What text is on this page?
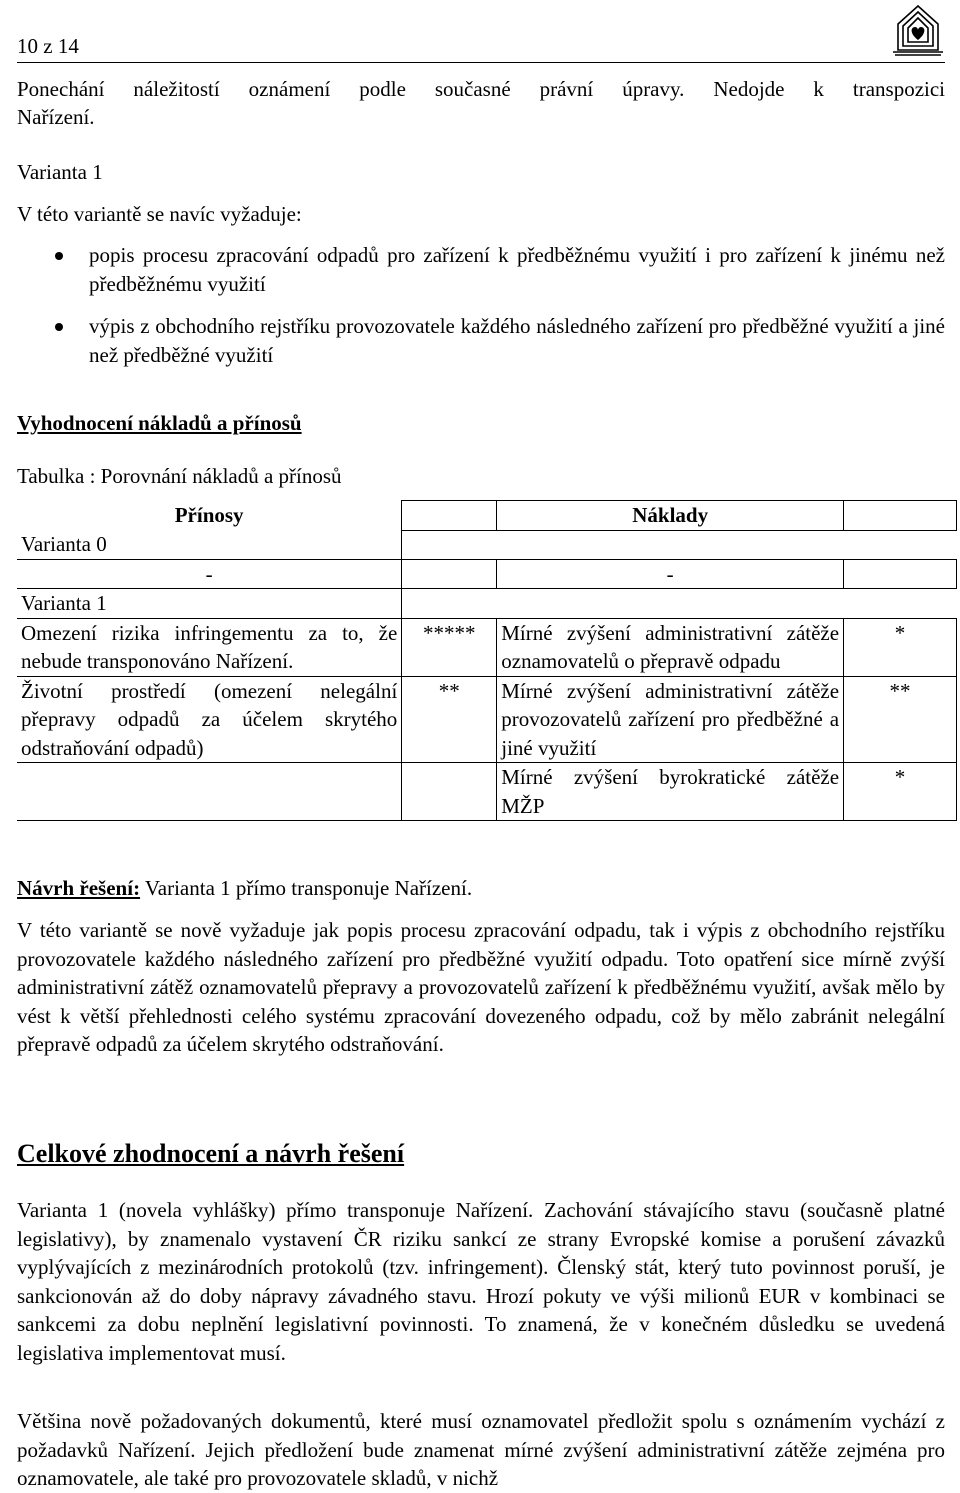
10 z 14
Ponechání náležitostí oznámení podle současné právní úpravy. Nedojde k transpozici
Nařízení.
Varianta 1
V této variantě se navíc vyžaduje:
popis procesu zpracování odpadů pro zařízení k předběžnému využití i pro zařízení k jinému než předběžnému využití
výpis z obchodního rejstříku provozovatele každého následného zařízení pro předběžné využití a jiné než předběžné využití
Vyhodnocení nákladů a přínosů
Tabulka : Porovnání nákladů a přínosů
Přínosy		Náklady	
Varianta 0			
-		-	
Varianta 1			
Omezení rizika infringementu za to, že nebude transponováno Nařízení.	*****	Mírné zvýšení administrativní zátěže oznamovatelů o přepravě odpadu	*
Životní prostředí (omezení nelegální přepravy odpadů za účelem skrytého odstraňování odpadů)	**	Mírné zvýšení administrativní zátěže provozovatelů zařízení pro předběžné a jiné využití	**
		Mírné zvýšení byrokratické zátěže MŽP	*
Návrh řešení: Varianta 1 přímo transponuje Nařízení.
V této variantě se nově vyžaduje jak popis procesu zpracování odpadu, tak i výpis z obchodního rejstříku provozovatele každého následného zařízení pro předběžné využití odpadu. Toto opatření sice mírně zvýší administrativní zátěž oznamovatelů přepravy a provozovatelů zařízení k předběžnému využití, avšak mělo by vést k větší přehlednosti celého systému zpracování dovezeného odpadu, což by mělo zabránit nelegální přepravě odpadů za účelem skrytého odstraňování.
Celkové zhodnocení a návrh řešení
Varianta 1 (novela vyhlášky) přímo transponuje Nařízení. Zachování stávajícího stavu (současně platné legislativy), by znamenalo vystavení ČR riziku sankcí ze strany Evropské komise a porušení závazků vyplývajících z mezinárodních protokolů (tzv. infringement). Členský stát, který tuto povinnost poruší, je sankcionován až do doby nápravy závadného stavu. Hrozí pokuty ve výši milionů EUR v kombinaci se sankcemi za dobu neplnění legislativní povinnosti. To znamená, že v konečném důsledku se uvedená legislativa implementovat musí.
Většina nově požadovaných dokumentů, které musí oznamovatel předložit spolu s oznámením vychází z požadavků Nařízení. Jejich předložení bude znamenat mírné zvýšení administrativní zátěže zejména pro oznamovatele, ale také pro provozovatele skladů, v nichž
